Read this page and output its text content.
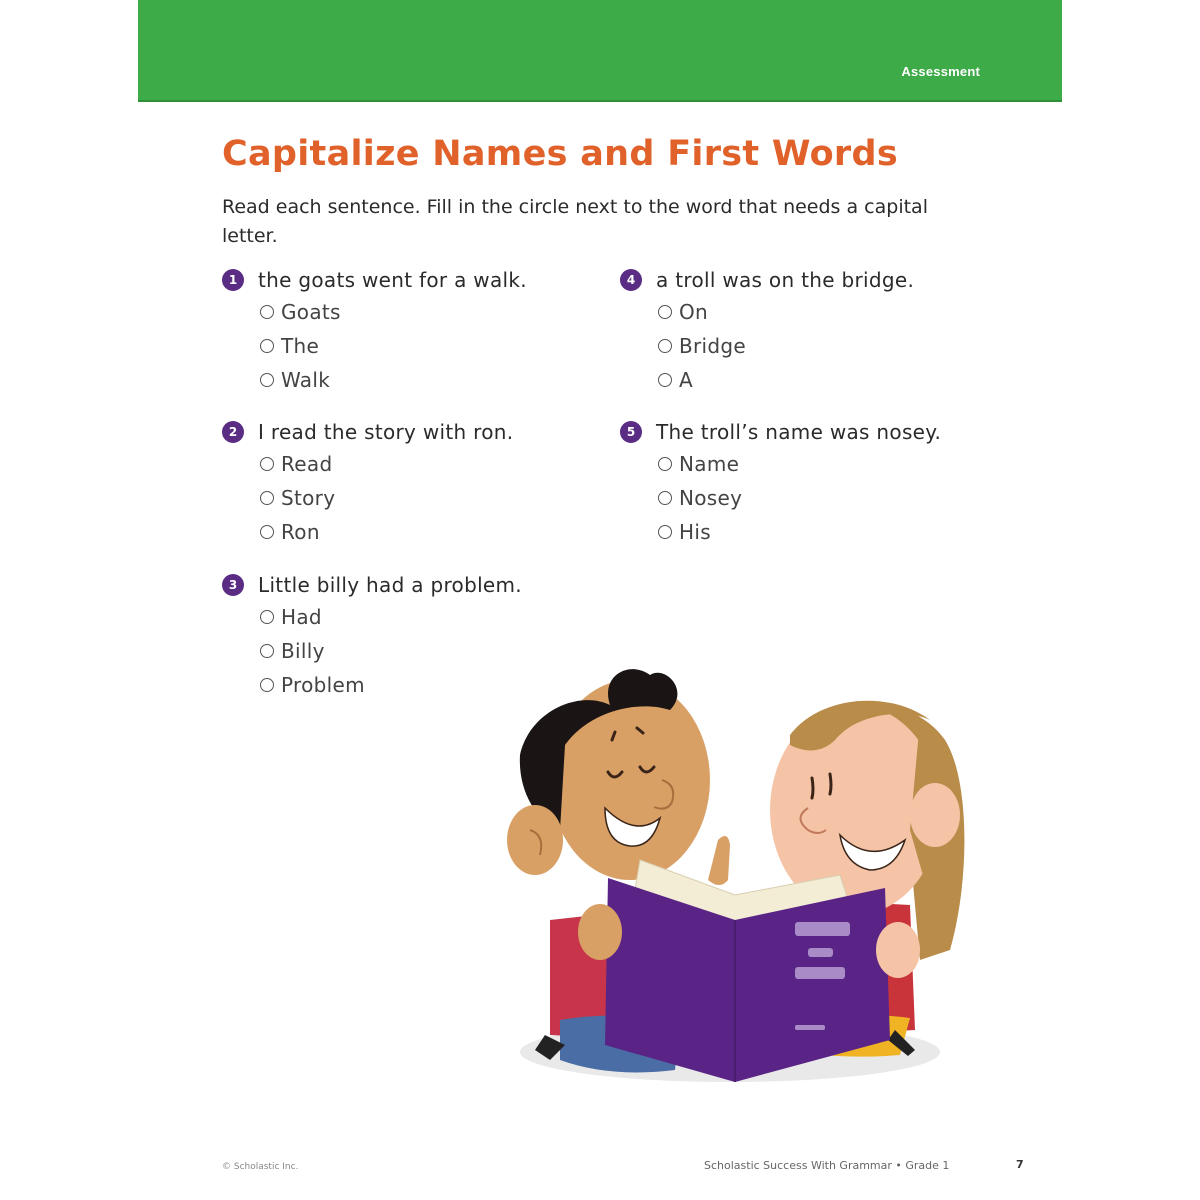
Assessment
Capitalize Names and First Words
Read each sentence. Fill in the circle next to the word that needs a capital letter.
1	the goats went for a walk.
Goats
The
Walk
2	I read the story with ron.
Read
Story
Ron
3	Little billy had a problem.
Had
Billy
Problem
4	a troll was on the bridge.
On
Bridge
A
5	The troll’s name was nosey.
Name
Nosey
His
© Scholastic Inc.	Scholastic Success With Grammar • Grade 1	7
